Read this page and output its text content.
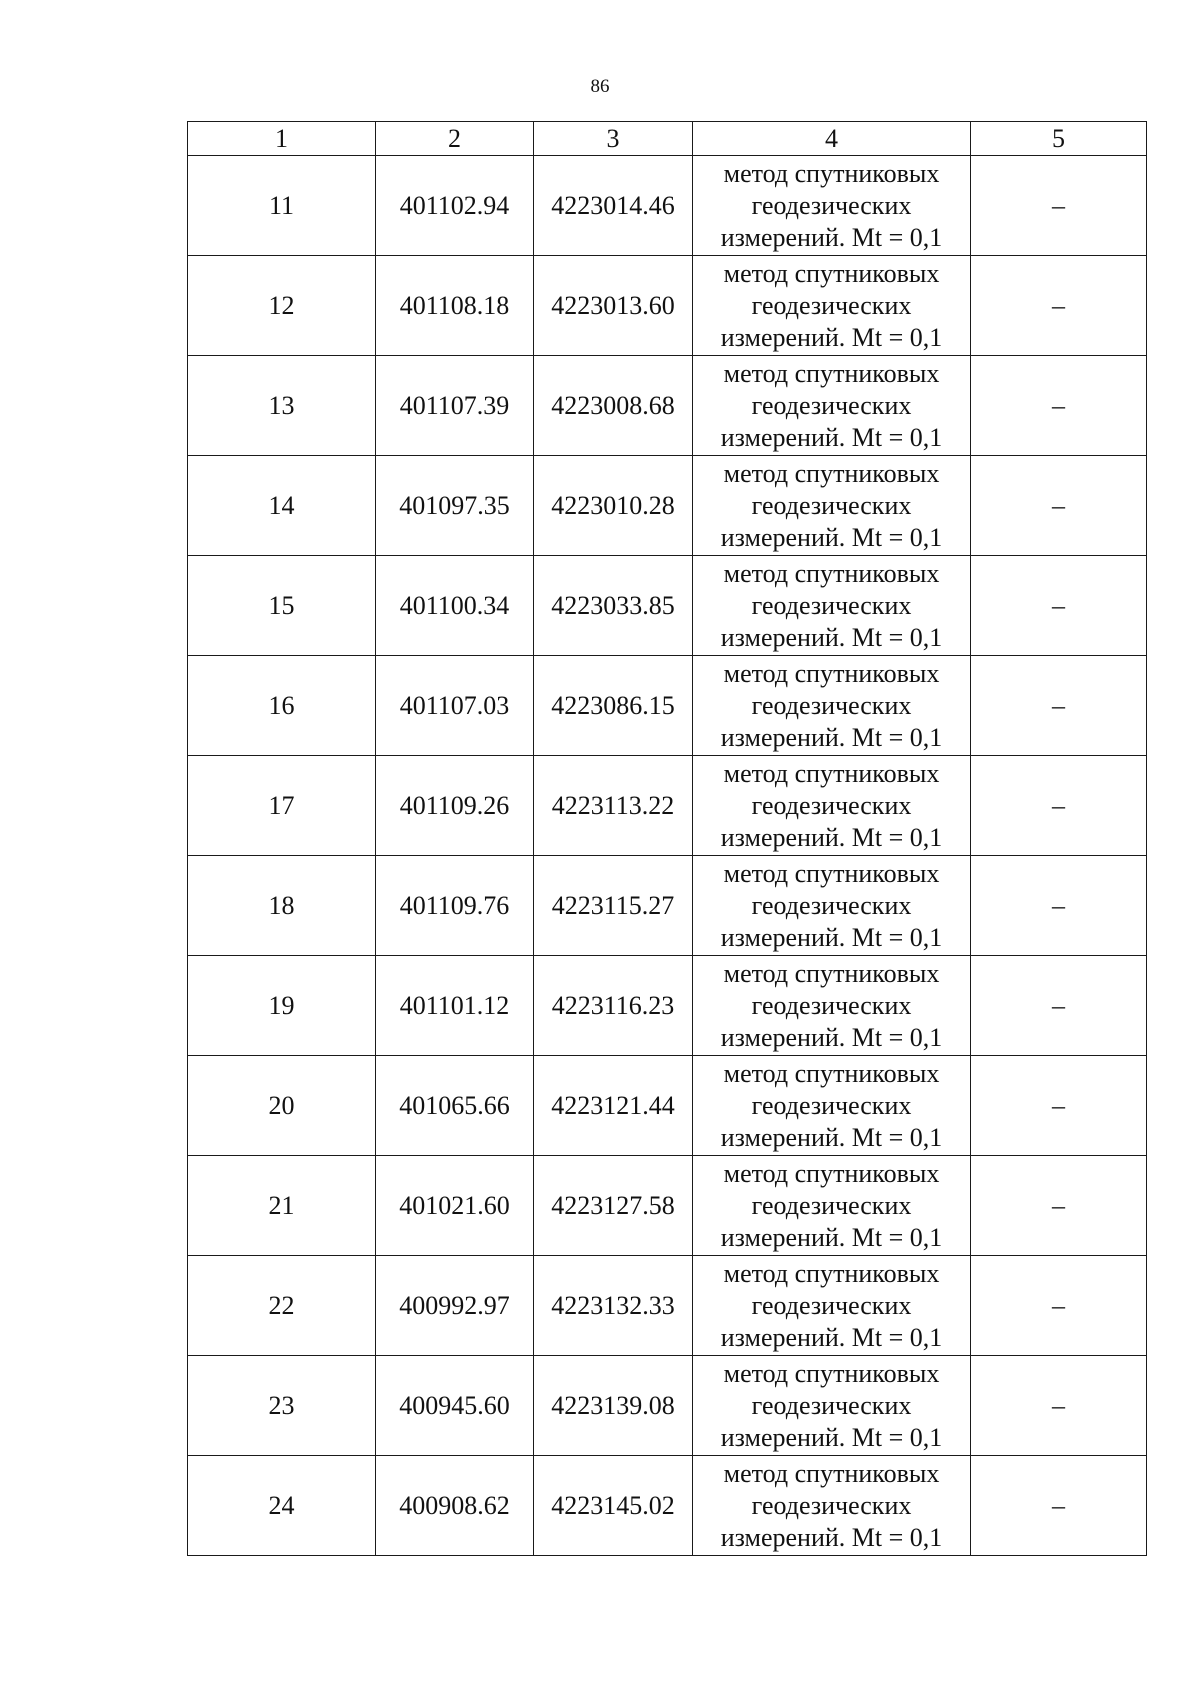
86
1	2	3	4	5
11	401102.94	4223014.46	метод спутниковых
геодезических
измерений. Mt = 0,1	–
12	401108.18	4223013.60	метод спутниковых
геодезических
измерений. Mt = 0,1	–
13	401107.39	4223008.68	метод спутниковых
геодезических
измерений. Mt = 0,1	–
14	401097.35	4223010.28	метод спутниковых
геодезических
измерений. Mt = 0,1	–
15	401100.34	4223033.85	метод спутниковых
геодезических
измерений. Mt = 0,1	–
16	401107.03	4223086.15	метод спутниковых
геодезических
измерений. Mt = 0,1	–
17	401109.26	4223113.22	метод спутниковых
геодезических
измерений. Mt = 0,1	–
18	401109.76	4223115.27	метод спутниковых
геодезических
измерений. Mt = 0,1	–
19	401101.12	4223116.23	метод спутниковых
геодезических
измерений. Mt = 0,1	–
20	401065.66	4223121.44	метод спутниковых
геодезических
измерений. Mt = 0,1	–
21	401021.60	4223127.58	метод спутниковых
геодезических
измерений. Mt = 0,1	–
22	400992.97	4223132.33	метод спутниковых
геодезических
измерений. Mt = 0,1	–
23	400945.60	4223139.08	метод спутниковых
геодезических
измерений. Mt = 0,1	–
24	400908.62	4223145.02	метод спутниковых
геодезических
измерений. Mt = 0,1	–
